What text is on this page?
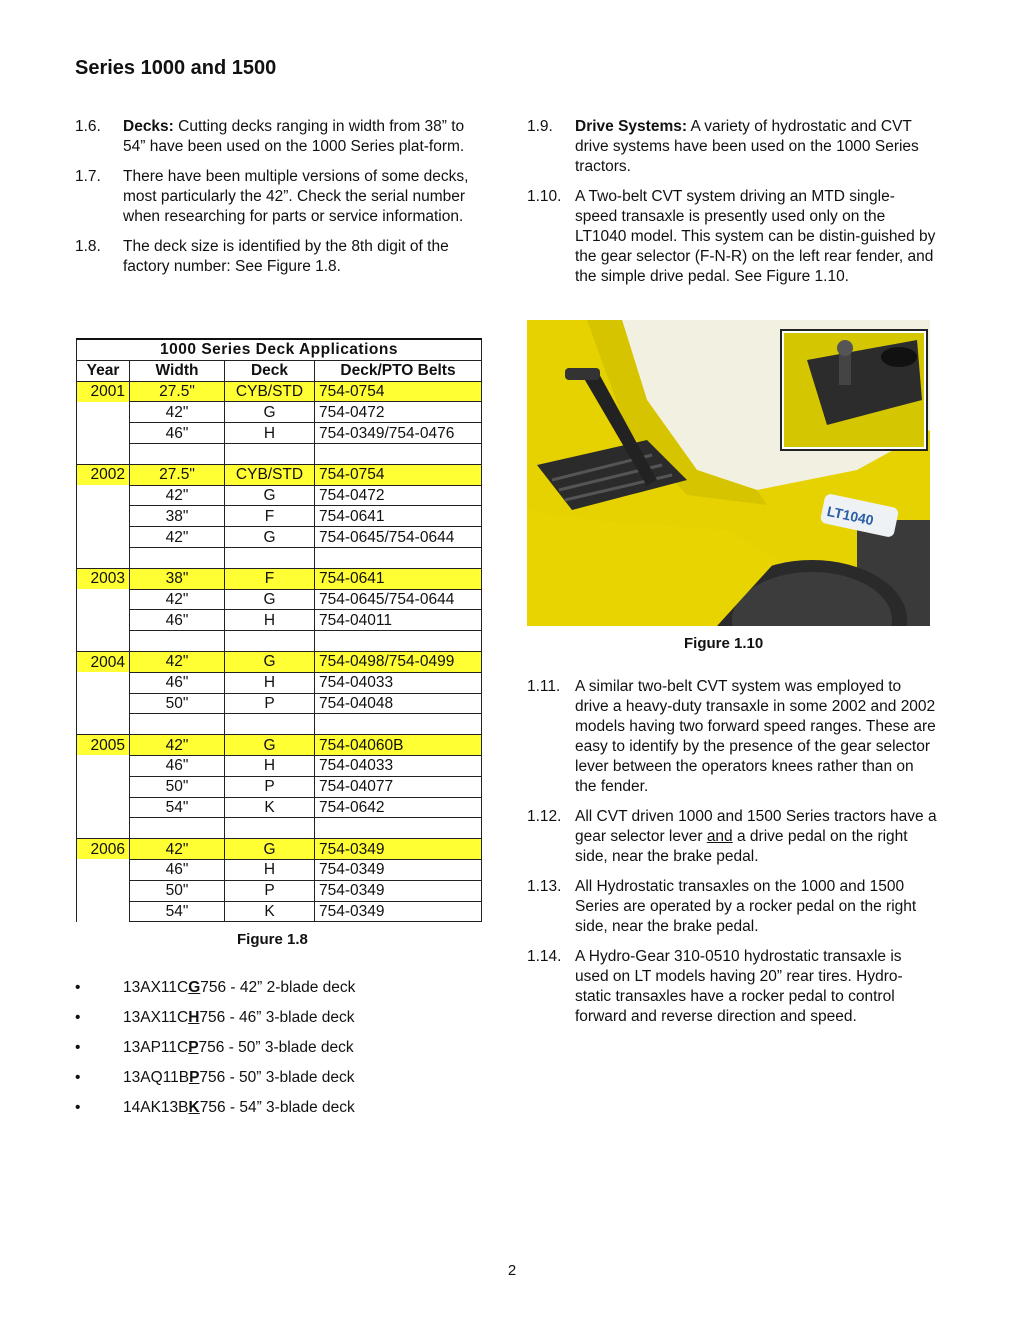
Series 1000 and 1500
1.6.	Decks: Cutting decks ranging in width from 38” to 54” have been used on the 1000 Series plat-form.
1.7.	There have been multiple versions of some decks, most particularly the 42”. Check the serial number when researching for parts or service information.
1.8.	The deck size is identified by the 8th digit of the factory number: See Figure 1.8.
1000 Series Deck Applications			
Year	Width	Deck	Deck/PTO Belts
2001	27.5"	CYB/STD	754-0754
	42"	G	754-0472
	46"	H	754-0349/754-0476

2002	27.5"	CYB/STD	754-0754
	42"	G	754-0472
	38"	F	754-0641
	42"	G	754-0645/754-0644

2003	38"	F	754-0641
	42"	G	754-0645/754-0644
	46"	H	754-04011

2004	42"	G	754-0498/754-0499
	46"	H	754-04033
	50"	P	754-04048

2005	42"	G	754-04060B
	46"	H	754-04033
	50"	P	754-04077
	54"	K	754-0642

2006	42"	G	754-0349
	46"	H	754-0349
	50"	P	754-0349
	54"	K	754-0349
Figure 1.8
•	13AX11CG756 - 42” 2-blade deck
•	13AX11CH756 - 46” 3-blade deck
•	13AP11CP756 - 50” 3-blade deck
•	13AQ11BP756 - 50” 3-blade deck
•	14AK13BK756 - 54” 3-blade deck
1.9.	Drive Systems: A variety of hydrostatic and CVT drive systems have been used on the 1000 Series tractors.
1.10. A Two-belt CVT system driving an MTD single-speed transaxle is presently used only on the LT1040 model. This system can be distin-guished by the gear selector (F-N-R) on the left rear fender, and the simple drive pedal. See Figure 1.10.
LT1040
Figure 1.10
1.11. A similar two-belt CVT system was employed to drive a heavy-duty transaxle in some 2002 and 2002 models having two forward speed ranges. These are easy to identify by the presence of the gear selector lever between the operators knees rather than on the fender.
1.12. All CVT driven 1000 and 1500 Series tractors have a gear selector lever and a drive pedal on the right side, near the brake pedal.
1.13. All Hydrostatic transaxles on the 1000 and 1500 Series are operated by a rocker pedal on the right side, near the brake pedal.
1.14. A Hydro-Gear 310-0510 hydrostatic transaxle is used on LT models having 20” rear tires. Hydro-static transaxles have a rocker pedal to control forward and reverse direction and speed.
2
